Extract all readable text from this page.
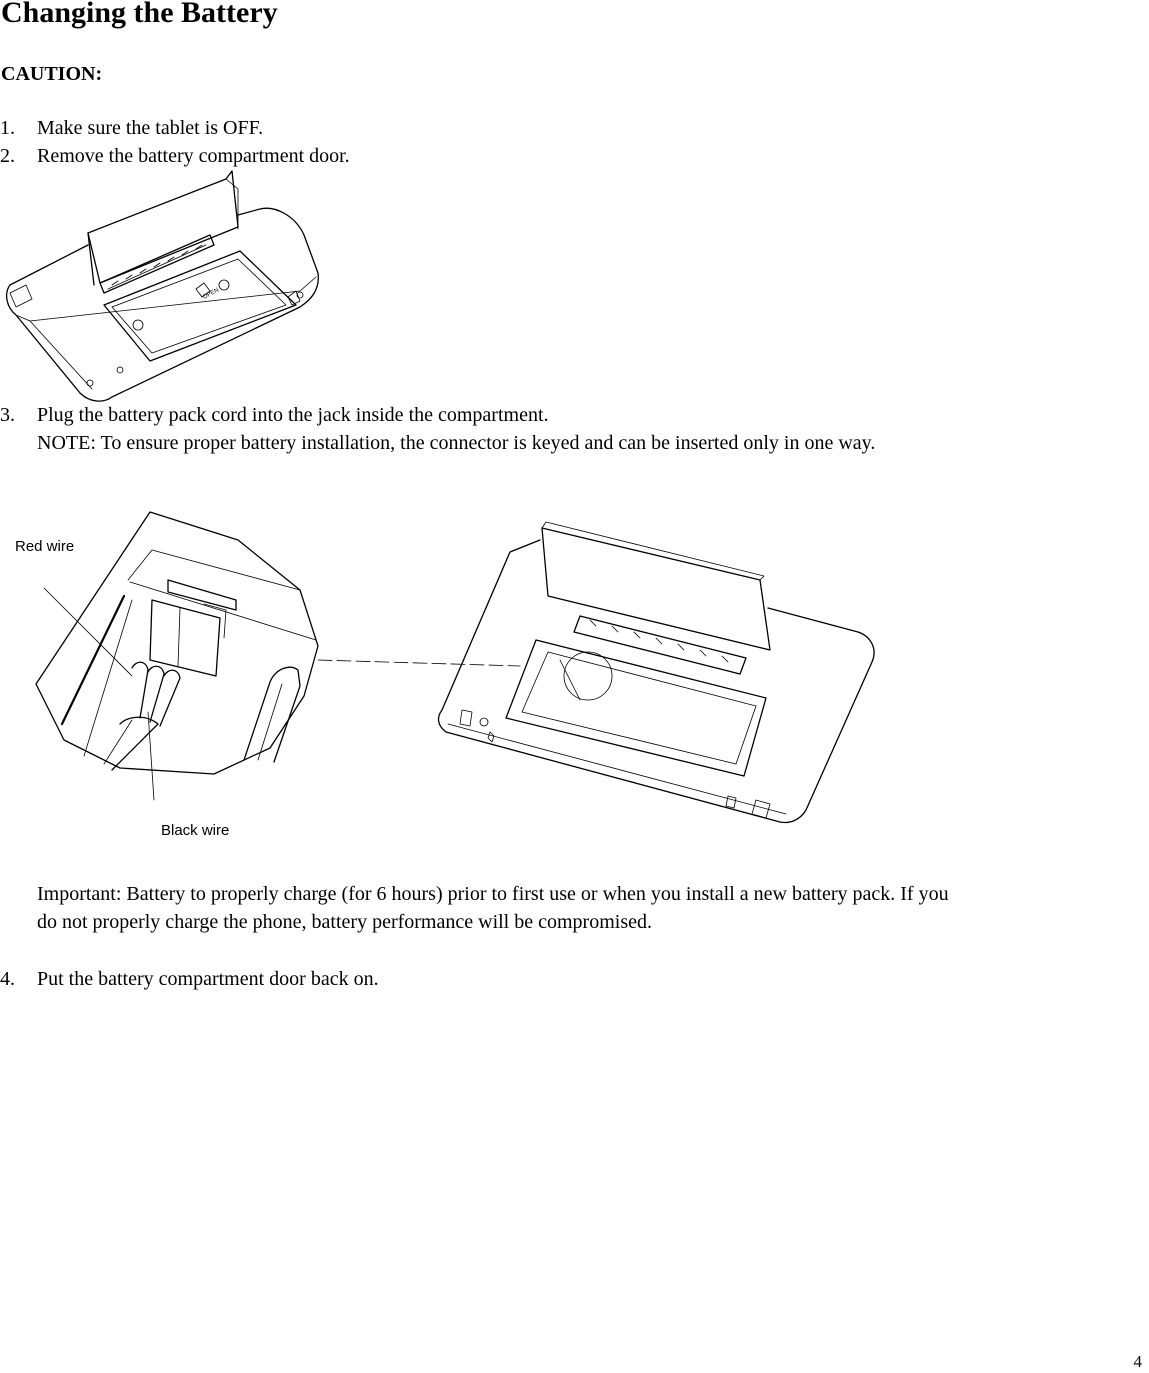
Changing the Battery
CAUTION:
1. Make sure the tablet is OFF.
2. Remove the battery compartment door.
OPEN
3. Plug the battery pack cord into the jack inside the compartment.
NOTE: To ensure proper battery installation, the connector is keyed and can be inserted only in one way.
Red wire
Black wire
Important: Battery to properly charge (for 6 hours) prior to first use or when you install a new battery pack. If you
do not properly charge the phone, battery performance will be compromised.
4. Put the battery compartment door back on.
4
